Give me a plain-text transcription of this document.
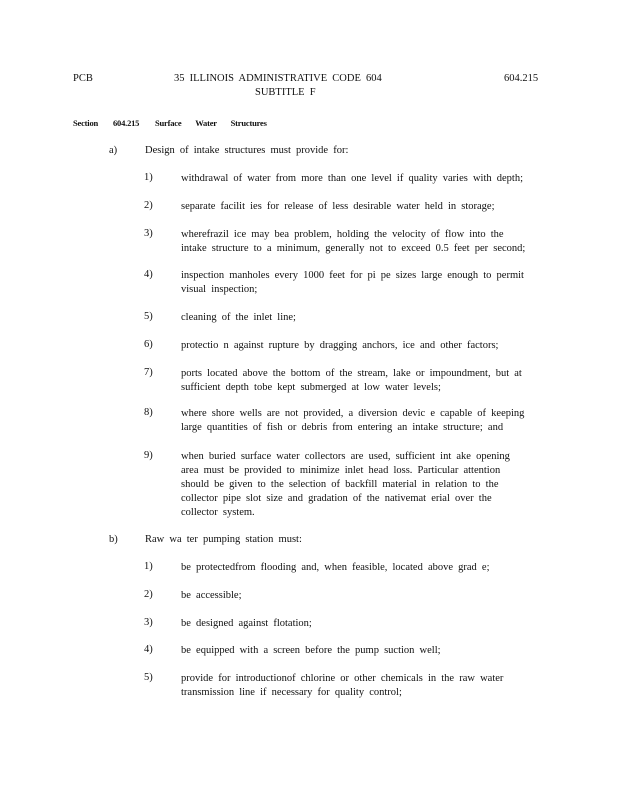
PCB	35 ILLINOIS ADMINISTRATIVE CODE 604
SUBTITLE F
604.215
Section 604.215 Surface Water Structures
a)	Design of intake structures must provide for:
1)	withdrawal of water from more than one level if quality varies with depth;
2)	separate facilit ies for release of less desirable water held in storage;
3)	wherefrazil ice may bea problem, holding the velocity of flow into the
intake structure to a minimum, generally not to exceed 0.5 feet per second;
4)	inspection manholes every 1000 feet for pi pe sizes large enough to permit
visual inspection;
5)	cleaning of the inlet line;
6)	protectio n against rupture by dragging anchors, ice and other factors;
7)	ports located above the bottom of the stream, lake or impoundment, but at
sufficient depth tobe kept submerged at low water levels;
8)	where shore wells are not provided, a diversion devic e capable of keeping
large quantities of fish or debris from entering an intake structure; and
9)	when buried surface water collectors are used, sufficient int ake opening
area must be provided to minimize inlet head loss. Particular attention
should be given to the selection of backfill material in relation to the
collector pipe slot size and gradation of the nativemat erial over the
collector system.
b)	Raw wa ter pumping station must:
1)	be protectedfrom flooding and, when feasible, located above grad e;
2)	be accessible;
3)	be designed against flotation;
4)	be equipped with a screen before the pump suction well;
5)	provide for introductionof chlorine or other chemicals in the raw water
transmission line if necessary for quality control;
